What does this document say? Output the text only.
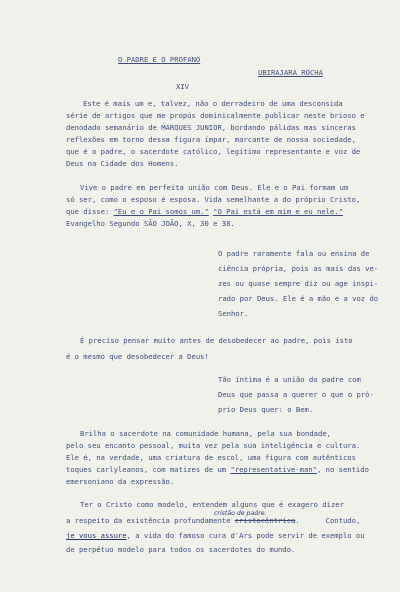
O PADRE E O PROFANO
UBIRAJARA ROCHA
XIV
Este é mais um e, talvez, não o derradeiro de uma desconsida
série de artigos que me propús dominicalmente publicar neste brioso e
denodado semanário de MARQUES JUNIOR, bordando pálidas mas sinceras
reflexões em torno dessa figura ímpar, marcante de nossa sociedade,
que é o padre, o sacerdote católico, legítimo representante e voz de
Deus na Cidade dos Homens.
Vive o padre em perfeita união com Deus. Ele e o Pai formam um
só ser, como o esposo é esposa. Vida semelhante a do próprio Cristo,
que disse: "Eu e o Pai somos um." "O Pai está em mim e eu nele."
Evangelho Segundo SÃO JOÃO, X, 30 e 38.
O padre raramente fala ou ensina de
ciência própria, pois as mais das ve-
zes ou quase sempre diz ou age inspi-
rado por Deus. Ele é a mão e a voz do
Senhor.
É preciso pensar muito antes de desobedecer ao padre, pois isto
é o mesmo que desobedecer a Deus!
Tão íntima é a união do padre com
Deus que passa a querer o que o pró-
prio Deus quer: o Bem.
Brilha o sacerdote na comunidade humana, pela sua bondade,
pelo seu encanto pessoal, muita vez pela sua inteligência e cultura.
Ele é, na verdade, uma criatura de escol, uma figura com autênticos
toques carlyleanos, com matizes de um "representative-man", no sentido
emersoniano da expressão.
Ter o Cristo como modelo, entendem alguns que é exagero dizer
cristão de padre.
a respeito da existência profundamente cristocêntrica.      Contudo,
je vous assure, a vida do famoso cura d'Ars pode servir de exemplo ou
de perpétuo modelo para todos os sacerdotes do mundo.
